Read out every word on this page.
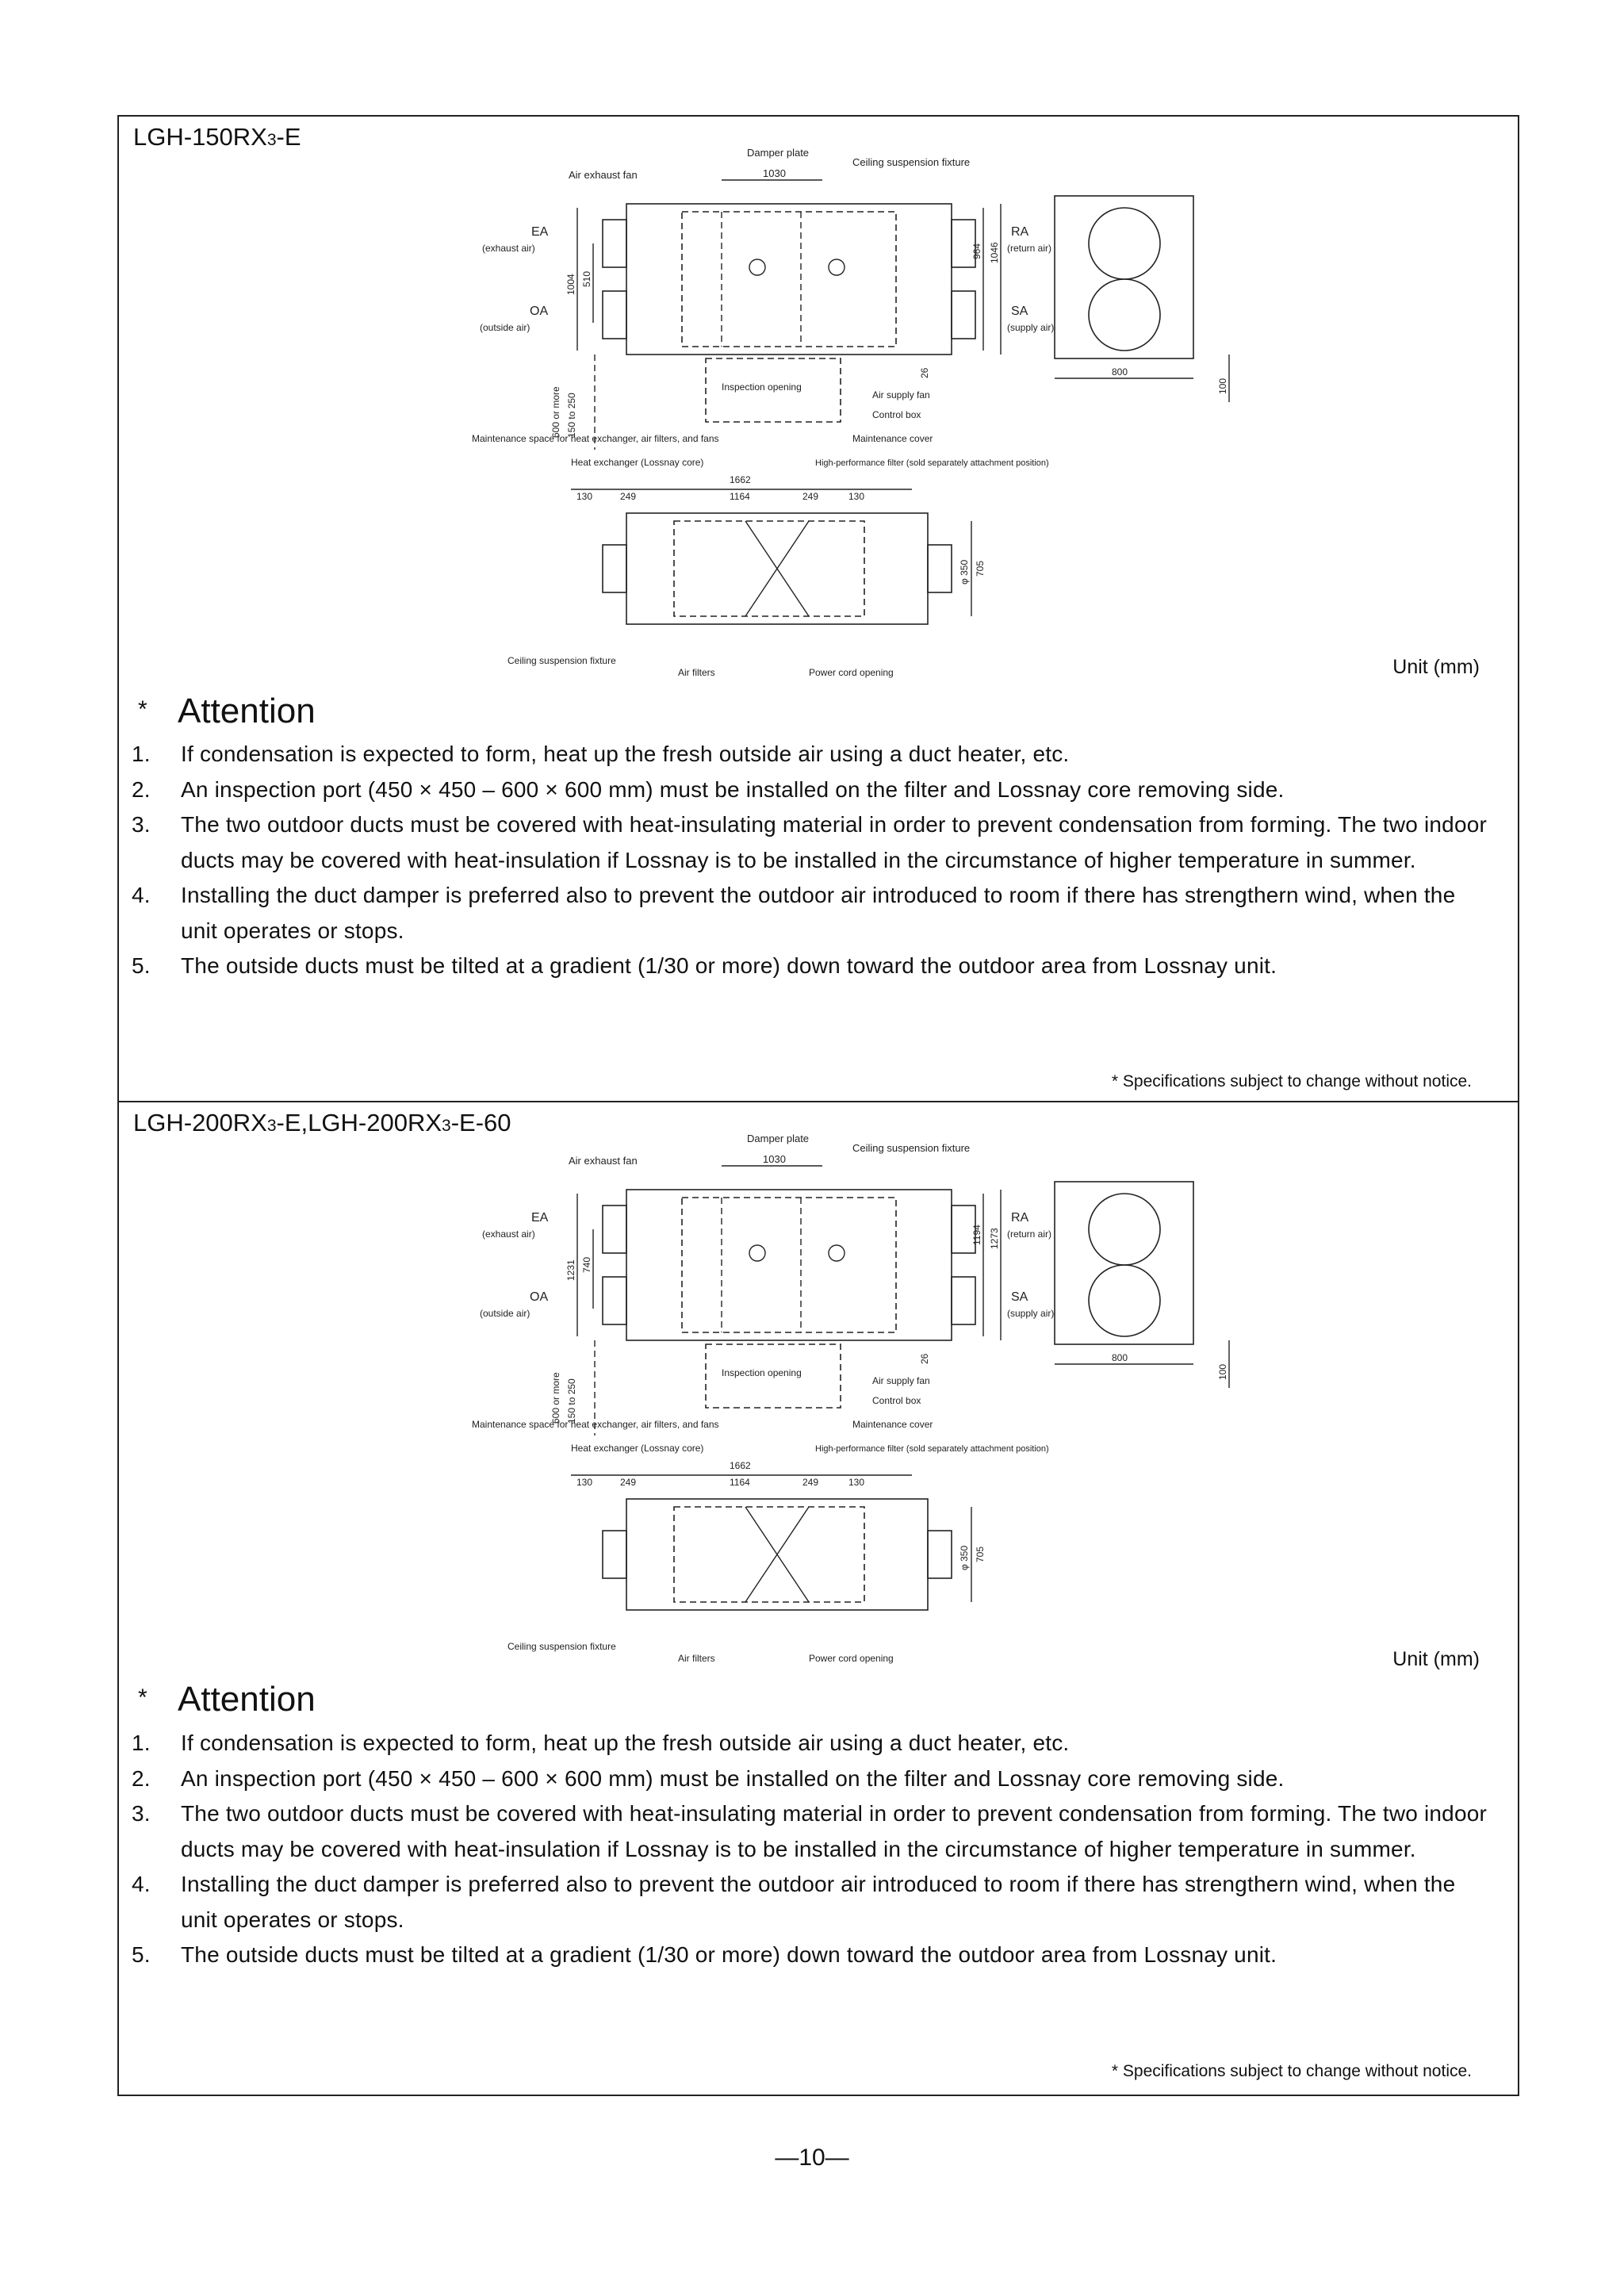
LGH-150RX3-E
Damper plate
Ceiling suspension fixture
Air exhaust fan	1030
EA
(exhaust air)
OA
(outside air)
RA
(return air)
SA
(supply air)
1004 510
964 1046
800
100
Inspection opening
600 or more 150 to 250
26
Air supply fan
Control box
Maintenance cover
Maintenance space for heat exchanger, air filters, and fans
Heat exchanger (Lossnay core)	High-performance filter (sold separately attachment position)
1662
130	249	1164	249	130
φ 350 705
Ceiling suspension fixture
Air filters	Power cord opening	Unit (mm)
* Attention
1. If condensation is expected to form, heat up the fresh outside air using a duct heater, etc.
2. An inspection port (450 × 450 – 600 × 600 mm) must be installed on the filter and Lossnay core removing side.
3. The two outdoor ducts must be covered with heat-insulating material in order to prevent condensation from forming. The two indoor ducts may be covered with heat-insulation if Lossnay is to be installed in the circumstance of higher temperature in summer.
4. Installing the duct damper is preferred also to prevent the outdoor air introduced to room if there has strengthern wind, when the unit operates or stops.
5. The outside ducts must be tilted at a gradient (1/30 or more) down toward the outdoor area from Lossnay unit.
* Specifications subject to change without notice.
LGH-200RX3-E,LGH-200RX3-E-60
Damper plate
Ceiling suspension fixture
Air exhaust fan	1030
EA
(exhaust air)
OA
(outside air)
RA
(return air)
SA
(supply air)
1231 740
1194 1273
800
100
Inspection opening
600 or more 150 to 250
26
Air supply fan
Control box
Maintenance cover
Maintenance space for heat exchanger, air filters, and fans
Heat exchanger (Lossnay core)	High-performance filter (sold separately attachment position)
1662
130	249	1164	249	130
φ 350 705
Ceiling suspension fixture
Air filters	Power cord opening	Unit (mm)
* Attention
1. If condensation is expected to form, heat up the fresh outside air using a duct heater, etc.
2. An inspection port (450 × 450 – 600 × 600 mm) must be installed on the filter and Lossnay core removing side.
3. The two outdoor ducts must be covered with heat-insulating material in order to prevent condensation from forming. The two indoor ducts may be covered with heat-insulation if Lossnay is to be installed in the circumstance of higher temperature in summer.
4. Installing the duct damper is preferred also to prevent the outdoor air introduced to room if there has strengthern wind, when the unit operates or stops.
5. The outside ducts must be tilted at a gradient (1/30 or more) down toward the outdoor area from Lossnay unit.
* Specifications subject to change without notice.
—10—
